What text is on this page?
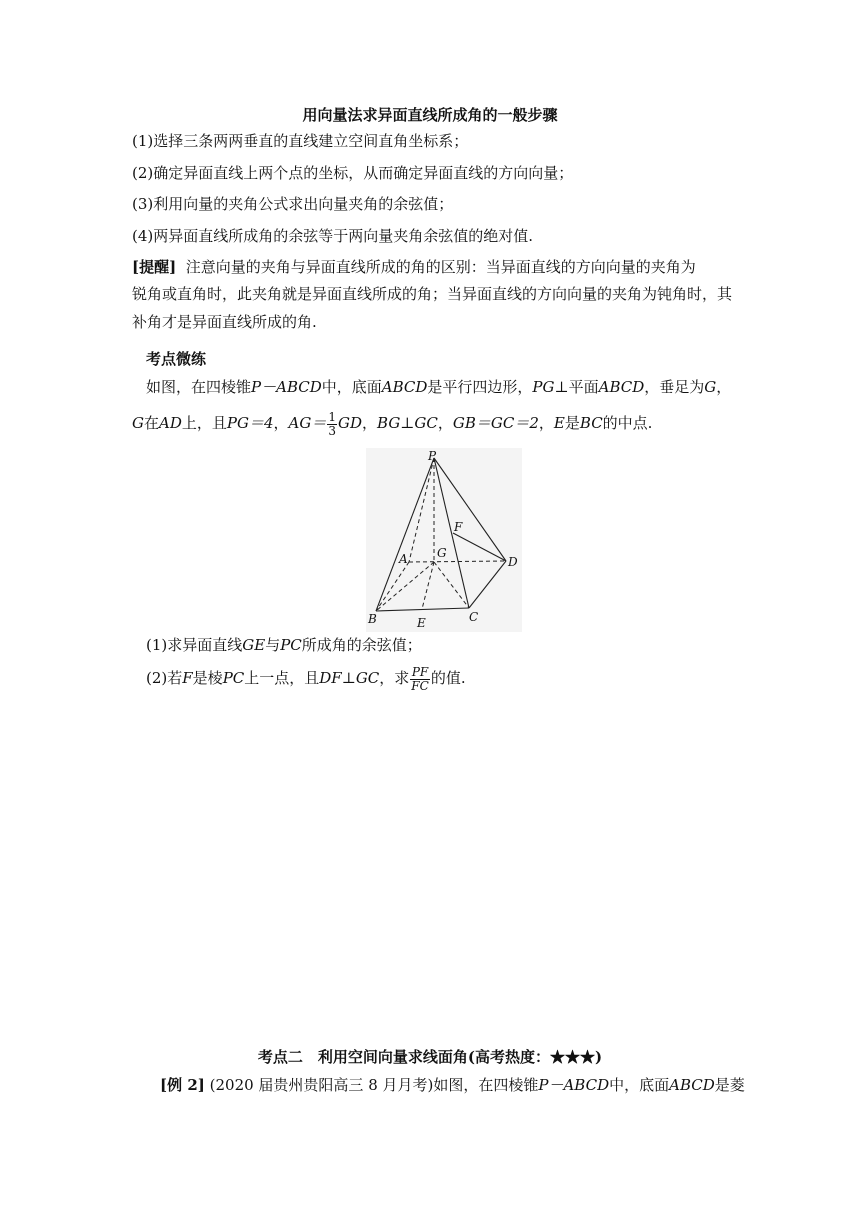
用向量法求异面直线所成角的一般步骤
(1)选择三条两两垂直的直线建立空间直角坐标系；
(2)确定异面直线上两个点的坐标，从而确定异面直线的方向向量；
(3)利用向量的夹角公式求出向量夹角的余弦值；
(4)两异面直线所成角的余弦等于两向量夹角余弦值的绝对值.
[提醒] 注意向量的夹角与异面直线所成的角的区别：当异面直线的方向向量的夹角为
锐角或直角时，此夹角就是异面直线所成的角；当异面直线的方向向量的夹角为钝角时，其
补角才是异面直线所成的角.
考点微练
如图，在四棱锥P－ABCD中，底面ABCD是平行四边形，PG⊥平面ABCD，垂足为G，
G在AD上，且PG＝4，$AG= \frac{1}{3}$ GD，BG⊥GC，GB＝GC＝2，E是BC的中点.
P
A
B	C
D
E
F
G
(1)求异面直线GE与PC所成角的余弦值；
(2)若F是棱PC上一点，且DF⊥GC，求 $\frac{PF}{FC}$ 的值.
考点二　利用空间向量求线面角(高考热度：★★★)
[例 2] (2020 届贵州贵阳高三 8 月月考)如图，在四棱锥P－ABCD中，底面ABCD是菱
